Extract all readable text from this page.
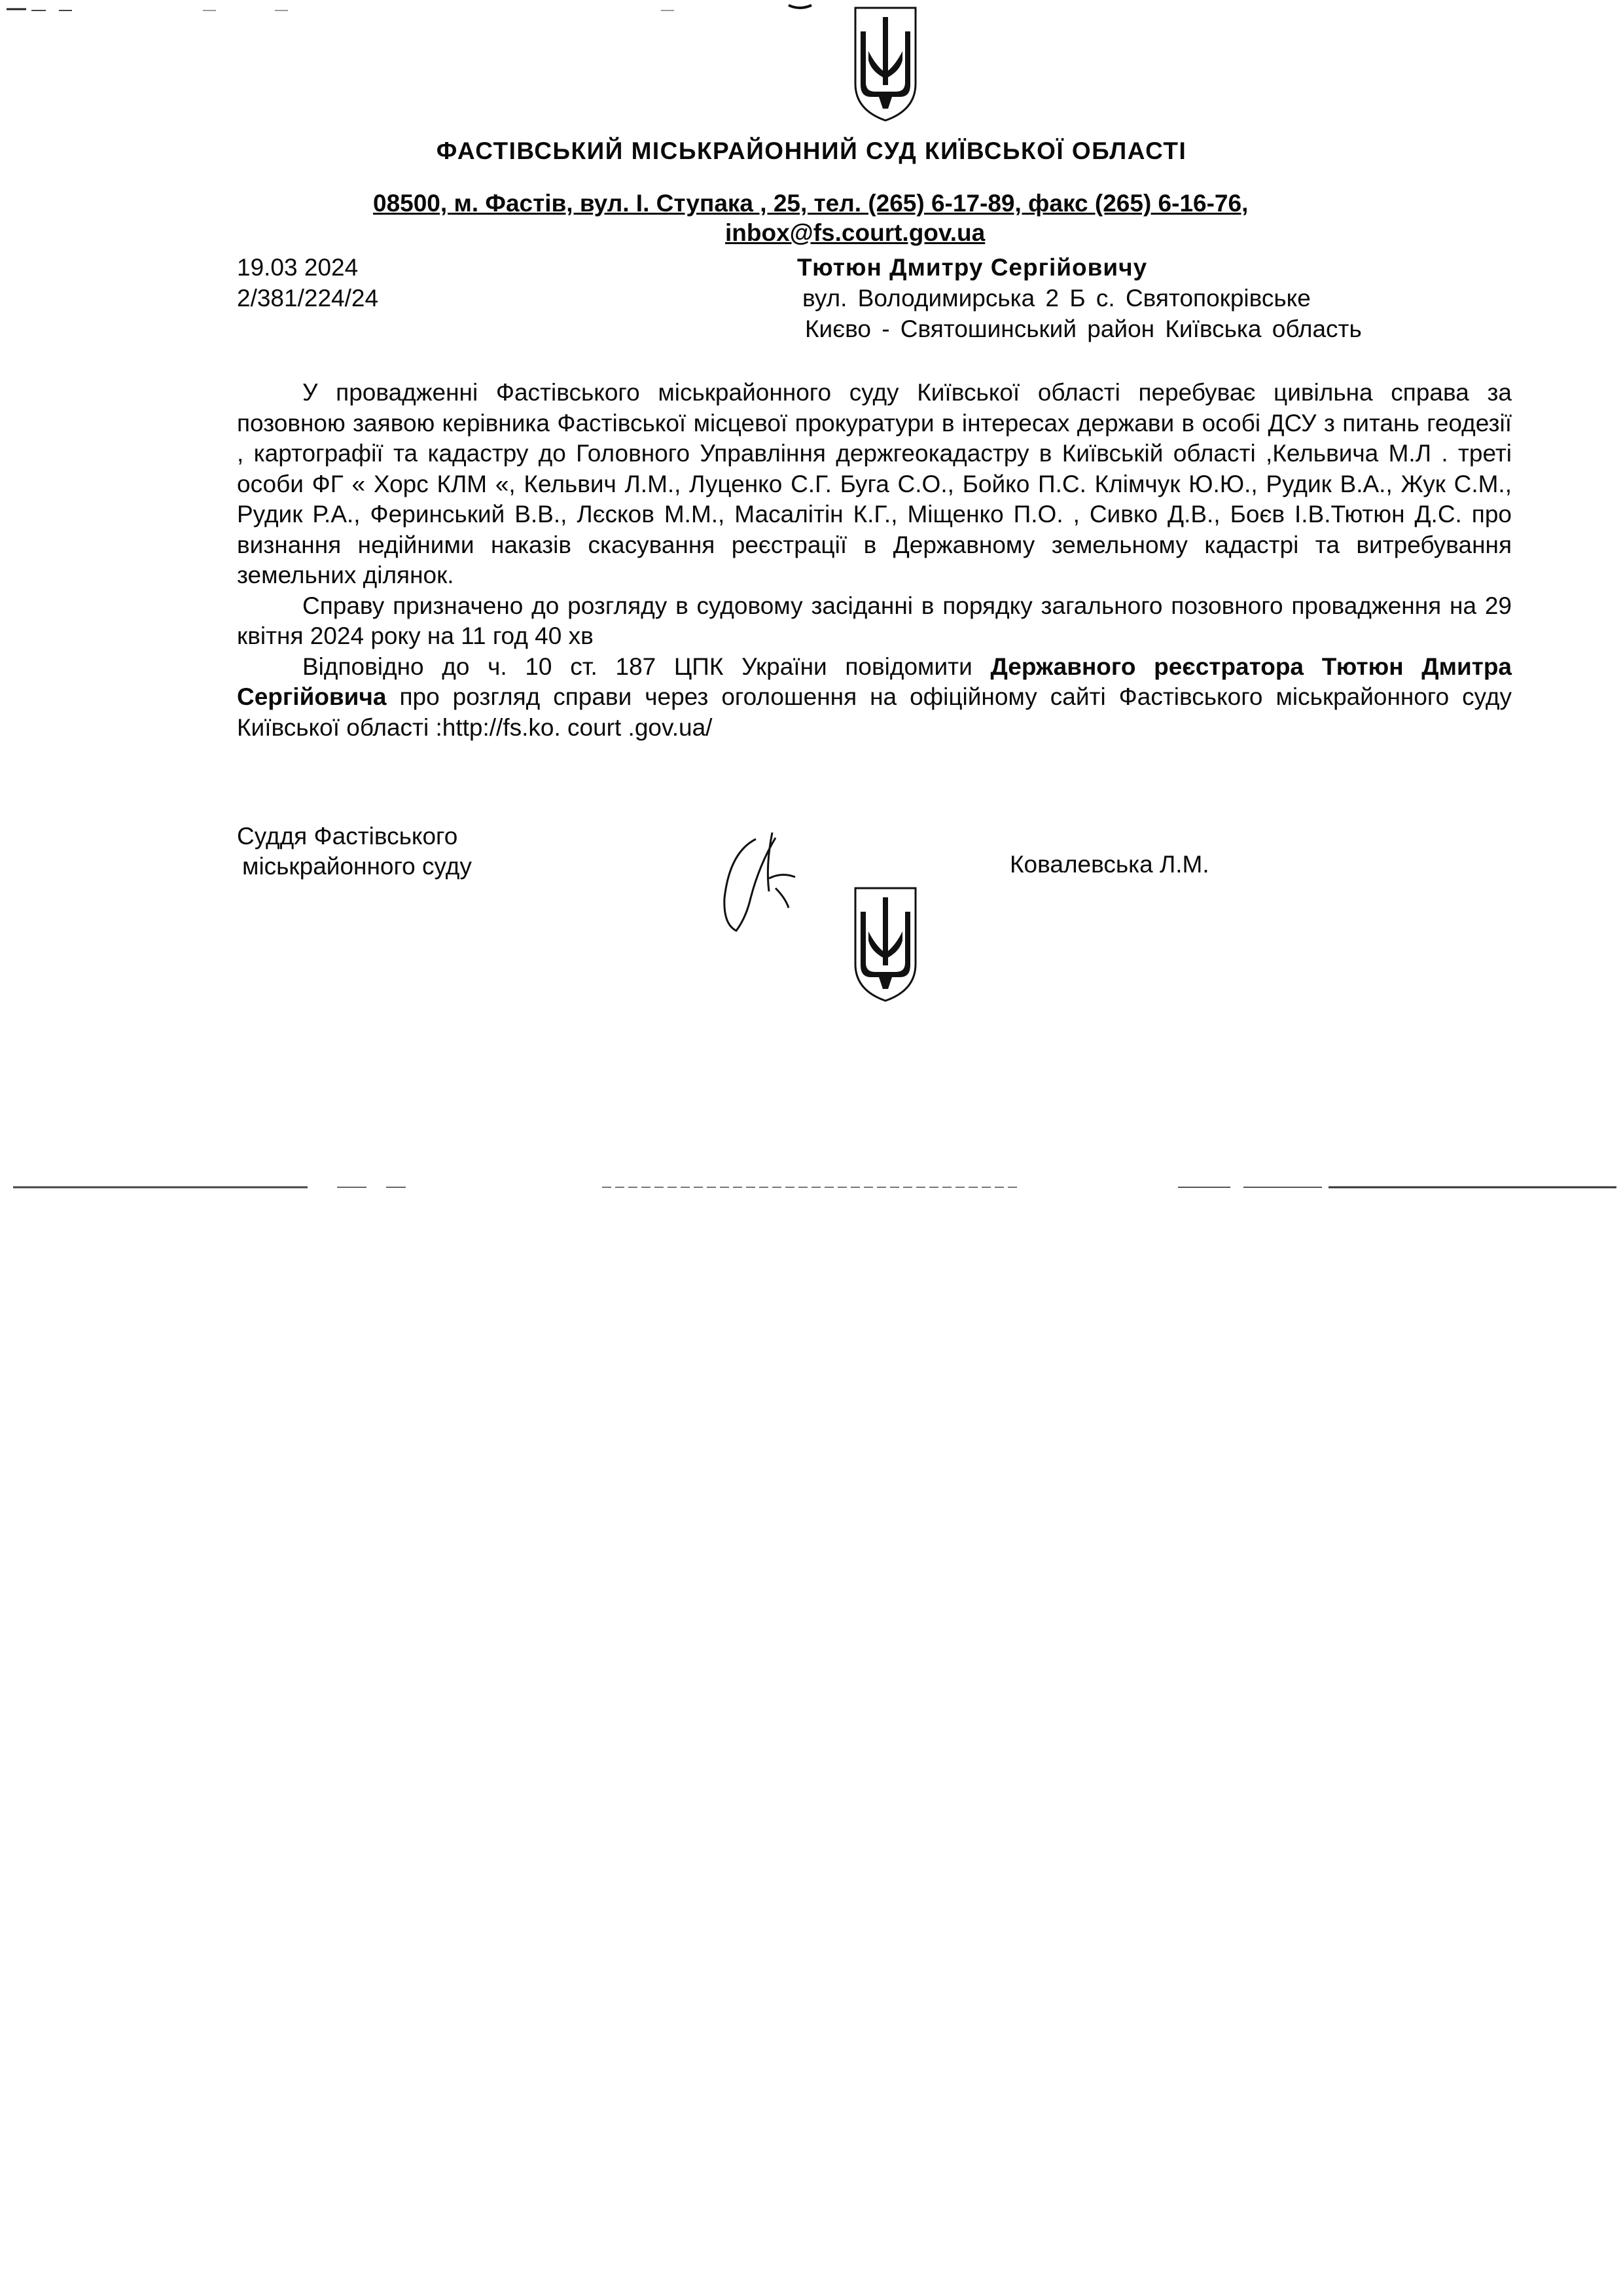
ФАСТІВСЬКИЙ МІСЬКРАЙОННИЙ СУД КИЇВСЬКОЇ ОБЛАСТІ
08500, м. Фастів, вул. І. Ступака , 25, тел. (265) 6-17-89, факс (265) 6-16-76,
inbox@fs.court.gov.ua
19.03 2024
2/381/224/24
Тютюн Дмитру Сергійовичу
вул. Володимирська 2 Б с. Святопокрівське
Києво - Святошинський район Київська область

У провадженні Фастівського міськрайонного суду Київської області перебуває цивільна справа за позовною заявою керівника Фастівської місцевої прокуратури в інтересах держави в особі ДСУ з питань геодезії , картографії та кадастру до Головного Управління держгеокадастру в Київській області ,Кельвича М.Л . треті особи ФГ « Хорс КЛМ «, Кельвич Л.М., Луценко С.Г. Буга С.О., Бойко П.С. Клімчук Ю.Ю., Рудик В.А., Жук С.М., Рудик Р.А., Феринський В.В., Лєсков М.М., Масалітін К.Г., Міщенко П.О. , Сивко Д.В., Боєв І.В.Тютюн Д.С. про визнання недійними наказів скасування реєстрації в Державному земельному кадастрі та витребування земельних ділянок.

Справу призначено до розгляду в судовому засіданні в порядку загального позовного провадження на 29 квітня 2024 року на 11 год 40 хв

Відповідно до ч. 10 ст. 187 ЦПК України повідомити Державного реєстратора Тютюн Дмитра Сергійовича про розгляд справи через оголошення на офіційному сайті Фастівського міськрайонного суду Київської області :http://fs.ko. court .gov.ua/

Суддя Фастівського
міськрайонного суду	Ковалевська Л.М.
